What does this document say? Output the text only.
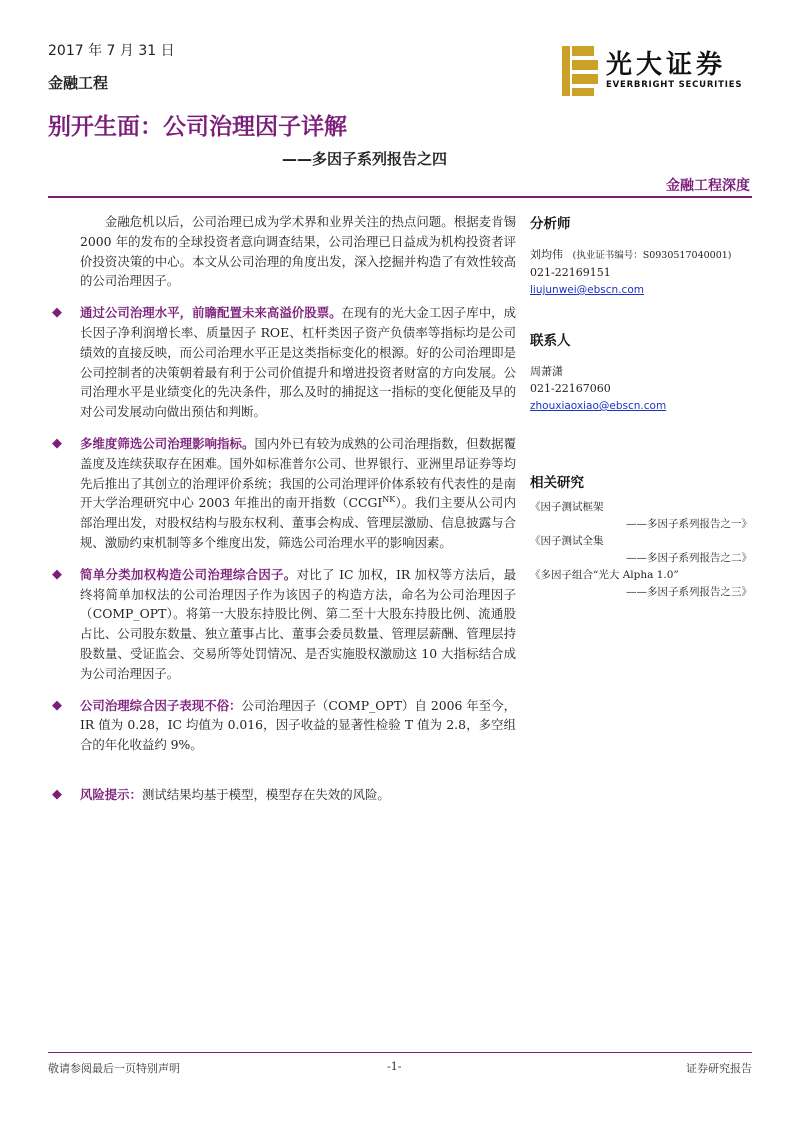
2017 年 7 月 31 日
金融工程
别开生面：公司治理因子详解
——多因子系列报告之四
金融工程深度
光大证券
EVERBRIGHT SECURITIES

金融危机以后，公司治理已成为学术界和业界关注的热点问题。根据麦肯锡 2000 年的发布的全球投资者意向调查结果，公司治理已日益成为机构投资者评价投资决策的中心。本文从公司治理的角度出发，深入挖掘并构造了有效性较高的公司治理因子。

◆ 通过公司治理水平，前瞻配置未来高溢价股票。在现有的光大金工因子库中，成长因子净利润增长率、质量因子 ROE、杠杆类因子资产负债率等指标均是公司绩效的直接反映，而公司治理水平正是这类指标变化的根源。好的公司治理即是公司控制者的决策朝着最有利于公司价值提升和增进投资者财富的方向发展。公司治理水平是业绩变化的先决条件，那么及时的捕捉这一指标的变化便能及早的对公司发展动向做出预估和判断。

◆ 多维度筛选公司治理影响指标。国内外已有较为成熟的公司治理指数，但数据覆盖度及连续获取存在困难。国外如标准普尔公司、世界银行、亚洲里昂证券等均先后推出了其创立的治理评价系统；我国的公司治理评价体系较有代表性的是南开大学治理研究中心 2003 年推出的南开指数$(CCGI^{NK})$。我们主要从公司内部治理出发，对股权结构与股东权利、董事会构成、管理层激励、信息披露与合规、激励约束机制等多个维度出发，筛选公司治理水平的影响因素。

◆ 简单分类加权构造公司治理综合因子。对比了 IC 加权，IR 加权等方法后，最终将简单加权法的公司治理因子作为该因子的构造方法，命名为公司治理因子（COMP_OPT）。将第一大股东持股比例、第二至十大股东持股比例、流通股占比、公司股东数量、独立董事占比、董事会委员数量、管理层薪酬、管理层持股数量、受证监会、交易所等处罚情况、是否实施股权激励这 10 大指标结合成为公司治理因子。

◆ 公司治理综合因子表现不俗：公司治理因子（COMP_OPT）自 2006 年至今，IR 值为 0.28，IC 均值为 0.016，因子收益的显著性检验 T 值为 2.8，多空组合的年化收益约 9%。

◆ 风险提示：测试结果均基于模型，模型存在失效的风险。

分析师
刘均伟 (执业证书编号：S0930517040001)
021-22169151
liujunwei@ebscn.com
联系人
周萧潇
021-22167060
zhouxiaoxiao@ebscn.com
相关研究
《因子测试框架
——多因子系列报告之一》
《因子测试全集
——多因子系列报告之二》
《多因子组合“光大 Alpha 1.0”
——多因子系列报告之三》
敬请参阅最后一页特别声明	-1-	证券研究报告
